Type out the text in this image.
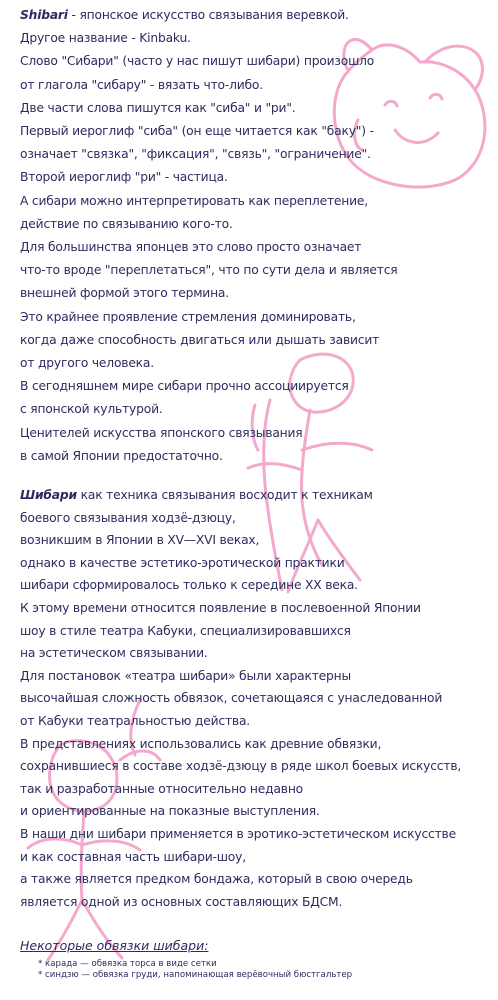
Shibari - японское искусство связывания веревкой.

Другое название - Kinbaku.

Слово "Сибари" (часто у нас пишут шибари) произошло

от глагола "сибару" - вязать что-либо.

Две части слова пишутся как "сиба" и "ри".

Первый иероглиф "сиба" (он еще читается как "баку") -

означает "связка", "фиксация", "связь", "ограничение".

Второй иероглиф "ри" - частица.

А сибари можно интерпретировать как переплетение,

действие по связыванию кого-то.

Для большинства японцев это слово просто означает

что-то вроде "переплетаться", что по сути дела и является

внешней формой этого термина.

Это крайнее проявление стремления доминировать,

когда даже способность двигаться или дышать зависит

от другого человека.

В сегодняшнем мире сибари прочно ассоциируется

с японской культурой.

Ценителей искусства японского связывания

в самой Японии предостаточно.

Шибари как техника связывания восходит к техникам

боевого связывания ходзё-дзюцу,

возникшим в Японии в XV—XVI веках,

однако в качестве эстетико-эротической практики

шибари сформировалось только к середине XX века.

К этому времени относится появление в послевоенной Японии

шоу в стиле театра Кабуки, специализировавшихся

на эстетическом связывании.

Для постановок «театра шибари» были характерны

высочайшая сложность обвязок, сочетающаяся с унаследованной

от Кабуки театральностью действа.

В представлениях использовались как древние обвязки,

сохранившиеся в составе ходзё-дзюцу в ряде школ боевых искусств,

так и разработанные относительно недавно

и ориентированные на показные выступления.

В наши дни шибари применяется в эротико-эстетическом искусстве

и как составная часть шибари-шоу,

а также является предком бондажа, который в свою очередь

является одной из основных составляющих БДСМ.

Некоторые обвязки шибари:

* карада — обвязка торса в виде сетки

* синдзю — обвязка груди, напоминающая верёвочный бюстгальтер
